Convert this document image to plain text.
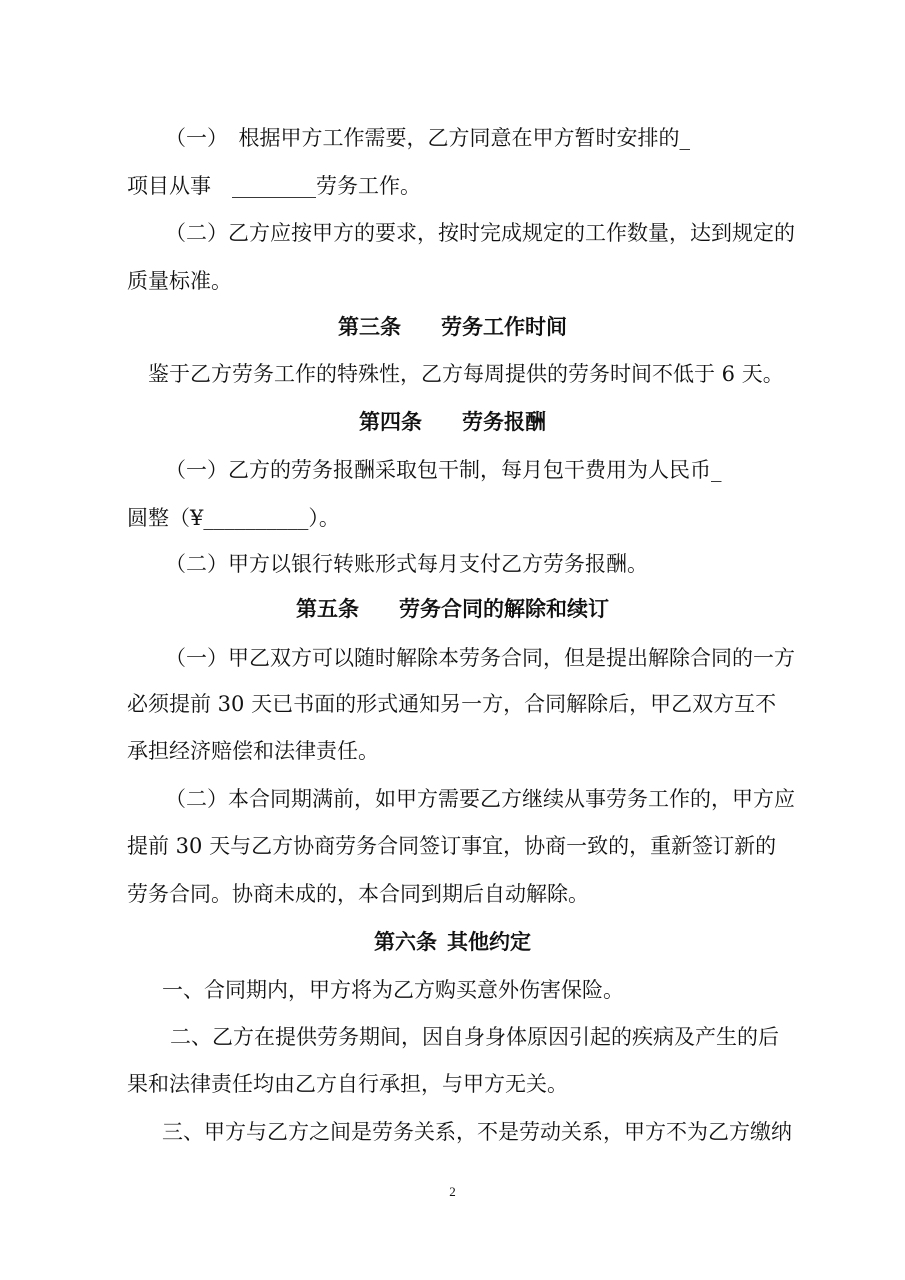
（一）　根据甲方工作需要，乙方同意在甲方暂时安排的_
项目从事　________劳务工作。
（二）乙方应按甲方的要求，按时完成规定的工作数量，达到规定的
质量标准。
第三条 劳务工作时间
鉴于乙方劳务工作的特殊性，乙方每周提供的劳务时间不低于 6 天。
第四条 劳务报酬
（一）乙方的劳务报酬采取包干制，每月包干费用为人民币_
圆整（¥__________）。
（二）甲方以银行转账形式每月支付乙方劳务报酬。
第五条 劳务合同的解除和续订
（一）甲乙双方可以随时解除本劳务合同，但是提出解除合同的一方
必须提前 30 天已书面的形式通知另一方，合同解除后，甲乙双方互不
承担经济赔偿和法律责任。
（二）本合同期满前，如甲方需要乙方继续从事劳务工作的，甲方应
提前 30 天与乙方协商劳务合同签订事宜，协商一致的，重新签订新的
劳务合同。协商未成的，本合同到期后自动解除。
第六条 其他约定
一、合同期内，甲方将为乙方购买意外伤害保险。
二、乙方在提供劳务期间，因自身身体原因引起的疾病及产生的后
果和法律责任均由乙方自行承担，与甲方无关。
三、甲方与乙方之间是劳务关系，不是劳动关系，甲方不为乙方缴纳
2
